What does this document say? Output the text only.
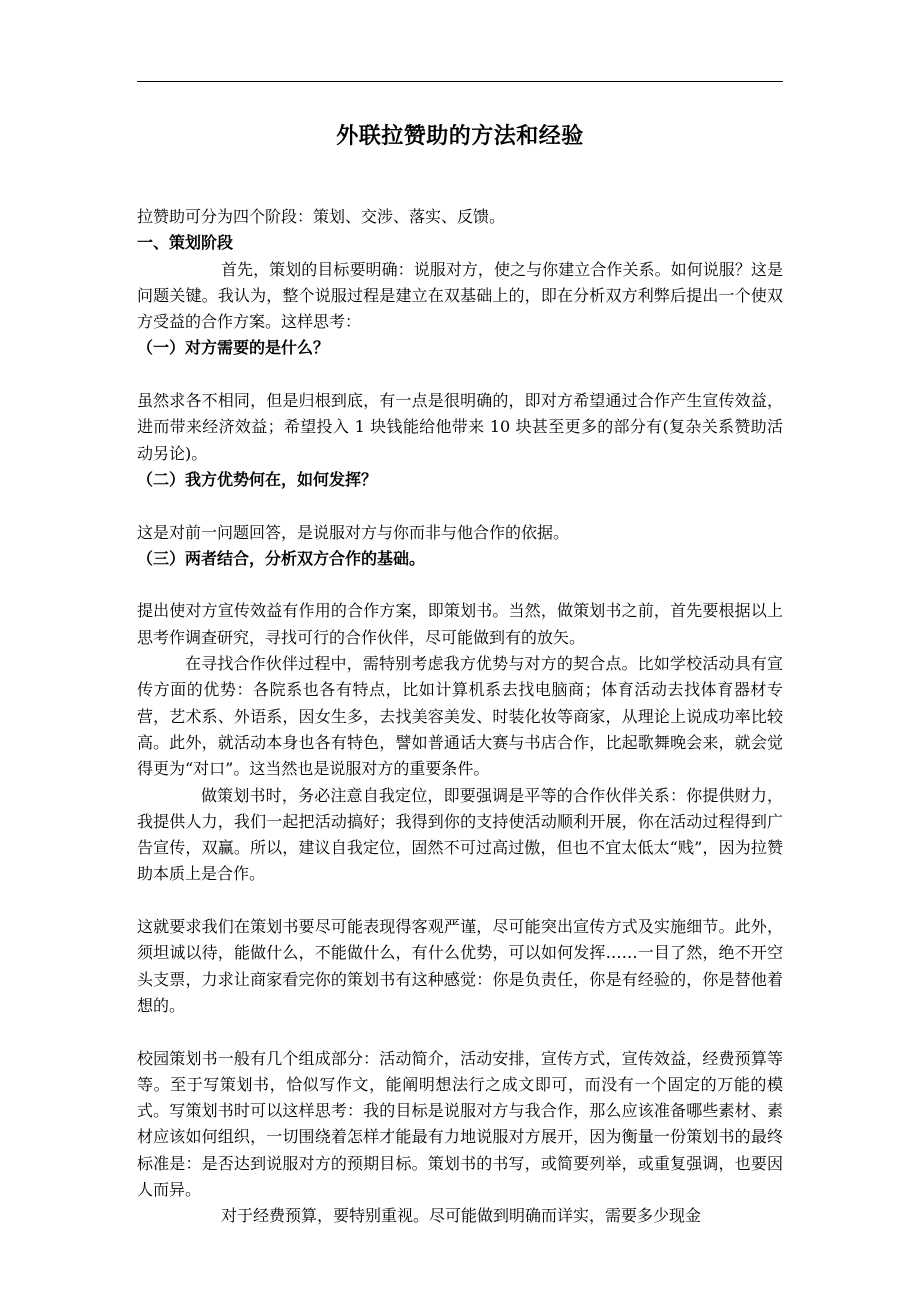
外联拉赞助的方法和经验

拉赞助可分为四个阶段：策划、交涉、落实、反馈。

一、策划阶段

首先，策划的目标要明确：说服对方，使之与你建立合作关系。如何说服？这是问题关键。我认为，整个说服过程是建立在双基础上的，即在分析双方利弊后提出一个使双方受益的合作方案。这样思考：

（一）对方需要的是什么？

虽然求各不相同，但是归根到底，有一点是很明确的，即对方希望通过合作产生宣传效益，进而带来经济效益；希望投入 1 块钱能给他带来 10 块甚至更多的部分有(复杂关系赞助活动另论)。

（二）我方优势何在，如何发挥？

这是对前一问题回答，是说服对方与你而非与他合作的依据。

（三）两者结合，分析双方合作的基础。

提出使对方宣传效益有作用的合作方案，即策划书。当然，做策划书之前，首先要根据以上思考作调查研究，寻找可行的合作伙伴，尽可能做到有的放矢。

在寻找合作伙伴过程中，需特别考虑我方优势与对方的契合点。比如学校活动具有宣传方面的优势：各院系也各有特点，比如计算机系去找电脑商；体育活动去找体育器材专营，艺术系、外语系，因女生多，去找美容美发、时装化妆等商家，从理论上说成功率比较高。此外，就活动本身也各有特色，譬如普通话大赛与书店合作，比起歌舞晚会来，就会觉得更为“对口”。这当然也是说服对方的重要条件。

做策划书时，务必注意自我定位，即要强调是平等的合作伙伴关系：你提供财力，我提供人力，我们一起把活动搞好；我得到你的支持使活动顺利开展，你在活动过程得到广告宣传，双赢。所以，建议自我定位，固然不可过高过傲，但也不宜太低太“贱”，因为拉赞助本质上是合作。

这就要求我们在策划书要尽可能表现得客观严谨，尽可能突出宣传方式及实施细节。此外，须坦诚以待，能做什么，不能做什么，有什么优势，可以如何发挥……一目了然，绝不开空头支票，力求让商家看完你的策划书有这种感觉：你是负责任，你是有经验的，你是替他着想的。

校园策划书一般有几个组成部分：活动简介，活动安排，宣传方式，宣传效益，经费预算等等。至于写策划书，恰似写作文，能阐明想法行之成文即可，而没有一个固定的万能的模式。写策划书时可以这样思考：我的目标是说服对方与我合作，那么应该准备哪些素材、素材应该如何组织，一切围绕着怎样才能最有力地说服对方展开，因为衡量一份策划书的最终标准是：是否达到说服对方的预期目标。策划书的书写，或简要列举，或重复强调，也要因人而异。

对于经费预算，要特别重视。尽可能做到明确而详实，需要多少现金
